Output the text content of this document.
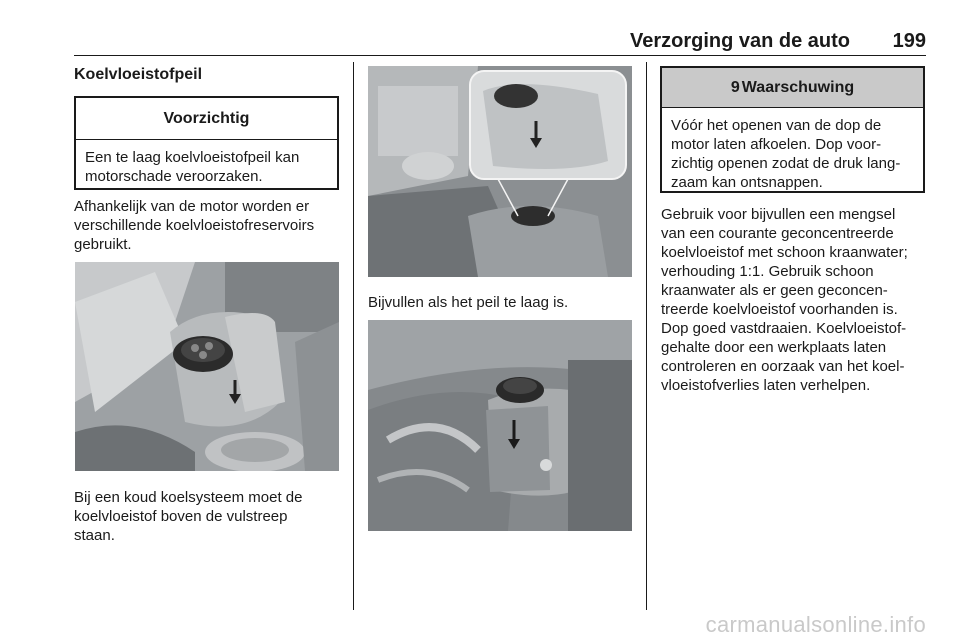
Verzorging van de auto 199
Koelvloeistofpeil
Voorzichtig
Een te laag koelvloeistofpeil kan
motorschade veroorzaken.
Afhankelijk van de motor worden er
verschillende koelvloeistofreservoirs
gebruikt.
Bij een koud koelsysteem moet de
koelvloeistof boven de vulstreep
staan.
Bijvullen als het peil te laag is.
9 Waarschuwing
Vóór het openen van de dop de
motor laten afkoelen. Dop voor-
zichtig openen zodat de druk lang-
zaam kan ontsnappen.
Gebruik voor bijvullen een mengsel
van een courante geconcentreerde
koelvloeistof met schoon kraanwater;
verhouding 1:1. Gebruik schoon
kraanwater als er geen geconcen-
treerde koelvloeistof voorhanden is.
Dop goed vastdraaien. Koelvloeistof-
gehalte door een werkplaats laten
controleren en oorzaak van het koel-
vloeistofverlies laten verhelpen.
carmanualsonline.info
